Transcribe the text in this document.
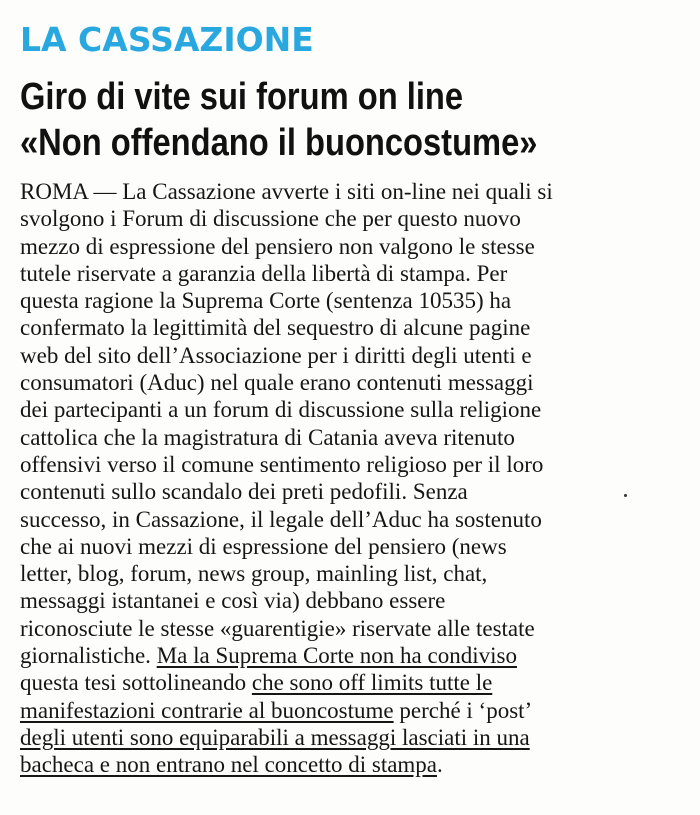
LA CASSAZIONE
Giro di vite sui forum on line
«Non offendano il buoncostume»
ROMA — La Cassazione avverte i siti on-line nei quali si
svolgono i Forum di discussione che per questo nuovo
mezzo di espressione del pensiero non valgono le stesse
tutele riservate a garanzia della libertà di stampa. Per
questa ragione la Suprema Corte (sentenza 10535) ha
confermato la legittimità del sequestro di alcune pagine
web del sito dell’Associazione per i diritti degli utenti e
consumatori (Aduc) nel quale erano contenuti messaggi
dei partecipanti a un forum di discussione sulla religione
cattolica che la magistratura di Catania aveva ritenuto
offensivi verso il comune sentimento religioso per il loro
contenuti sullo scandalo dei preti pedofili. Senza
successo, in Cassazione, il legale dell’Aduc ha sostenuto
che ai nuovi mezzi di espressione del pensiero (news
letter, blog, forum, news group, mainling list, chat,
messaggi istantanei e così via) debbano essere
riconosciute le stesse «guarentigie» riservate alle testate
giornalistiche. Ma la Suprema Corte non ha condiviso
questa tesi sottolineando che sono off limits tutte le
manifestazioni contrarie al buoncostume perché i ‘post’
degli utenti sono equiparabili a messaggi lasciati in una
bacheca e non entrano nel concetto di stampa.
